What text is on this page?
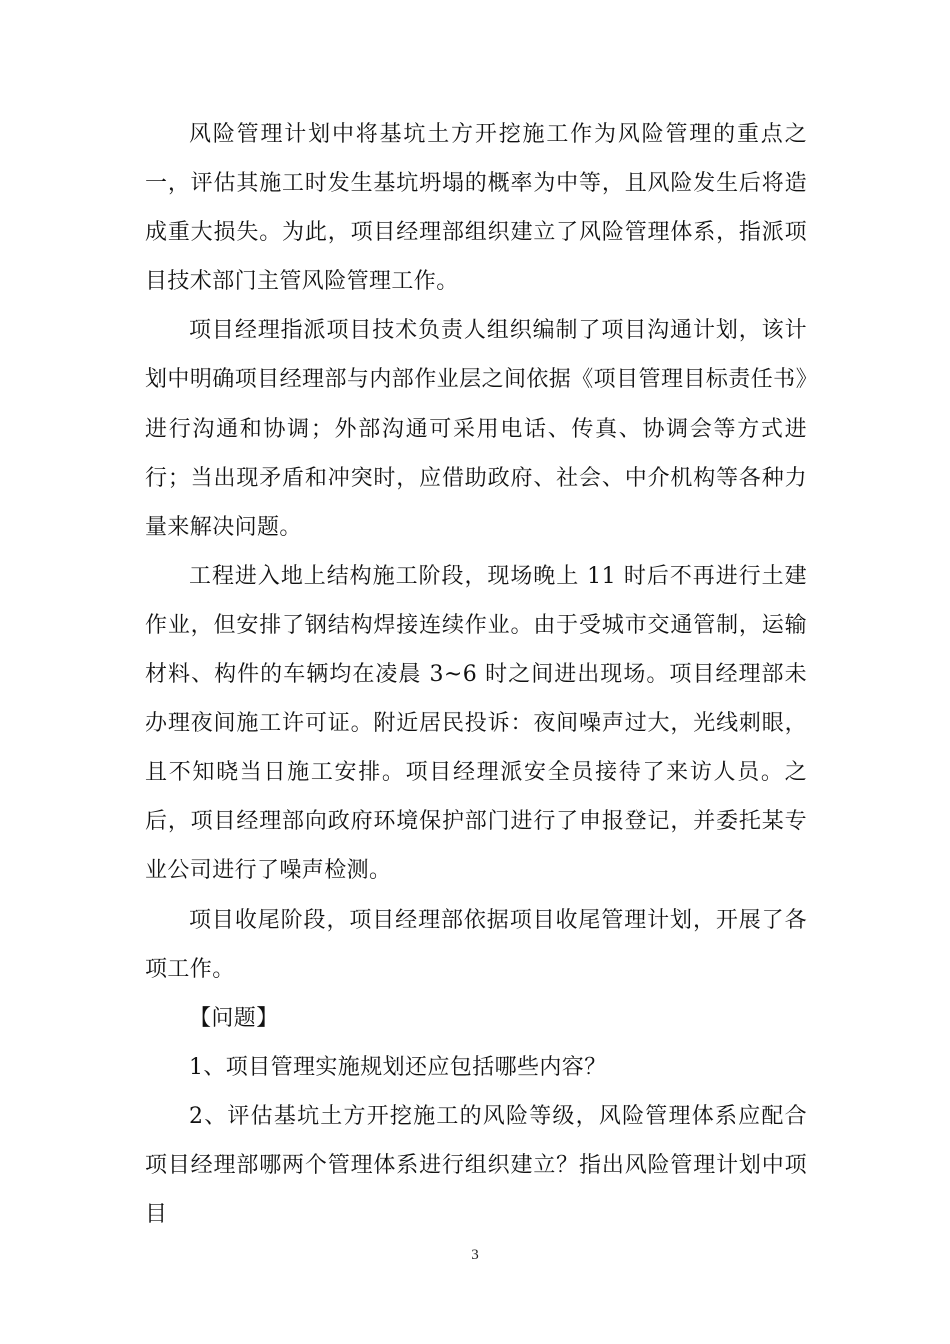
风险管理计划中将基坑土方开挖施工作为风险管理的重点之一，评估其施工时发生基坑坍塌的概率为中等，且风险发生后将造成重大损失。为此，项目经理部组织建立了风险管理体系，指派项目技术部门主管风险管理工作。

项目经理指派项目技术负责人组织编制了项目沟通计划，该计划中明确项目经理部与内部作业层之间依据《项目管理目标责任书》进行沟通和协调；外部沟通可采用电话、传真、协调会等方式进行；当出现矛盾和冲突时，应借助政府、社会、中介机构等各种力量来解决问题。

工程进入地上结构施工阶段，现场晚上 11 时后不再进行土建作业，但安排了钢结构焊接连续作业。由于受城市交通管制，运输材料、构件的车辆均在凌晨 3~6 时之间进出现场。项目经理部未办理夜间施工许可证。附近居民投诉：夜间噪声过大，光线刺眼，且不知晓当日施工安排。项目经理派安全员接待了来访人员。之后，项目经理部向政府环境保护部门进行了申报登记，并委托某专业公司进行了噪声检测。

项目收尾阶段，项目经理部依据项目收尾管理计划，开展了各项工作。

【问题】

1、项目管理实施规划还应包括哪些内容？

2、评估基坑土方开挖施工的风险等级，风险管理体系应配合项目经理部哪两个管理体系进行组织建立？指出风险管理计划中项目

3
